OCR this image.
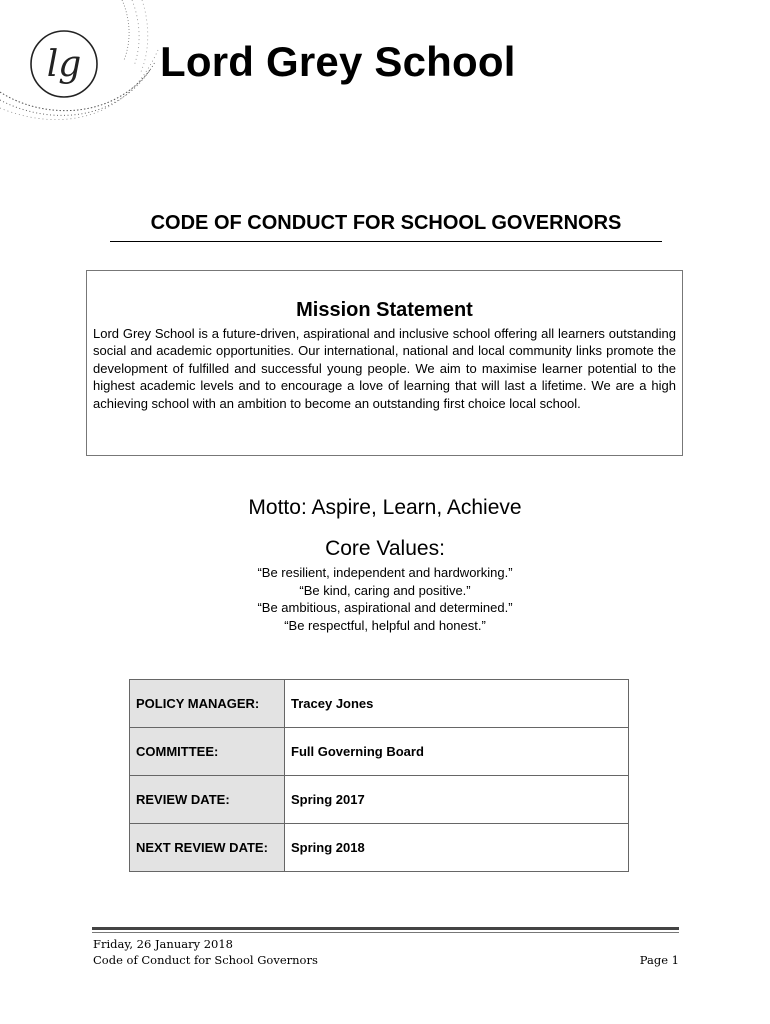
lg Lord Grey School
CODE OF CONDUCT FOR SCHOOL GOVERNORS
Mission Statement

Lord Grey School is a future-driven, aspirational and inclusive school offering all learners outstanding social and academic opportunities. Our international, national and local community links promote the development of fulfilled and successful young people. We aim to maximise learner potential to the highest academic levels and to encourage a love of learning that will last a lifetime. We are a high achieving school with an ambition to become an outstanding first choice local school.

Motto: Aspire, Learn, Achieve
Core Values:
“Be resilient, independent and hardworking.”
“Be kind, caring and positive.”
“Be ambitious, aspirational and determined.”
“Be respectful, helpful and honest.”
POLICY MANAGER:	Tracey Jones
COMMITTEE:	Full Governing Board
REVIEW DATE:	Spring 2017
NEXT REVIEW DATE:	Spring 2018
Friday, 26 January 2018
Code of Conduct for School Governors	Page 1
